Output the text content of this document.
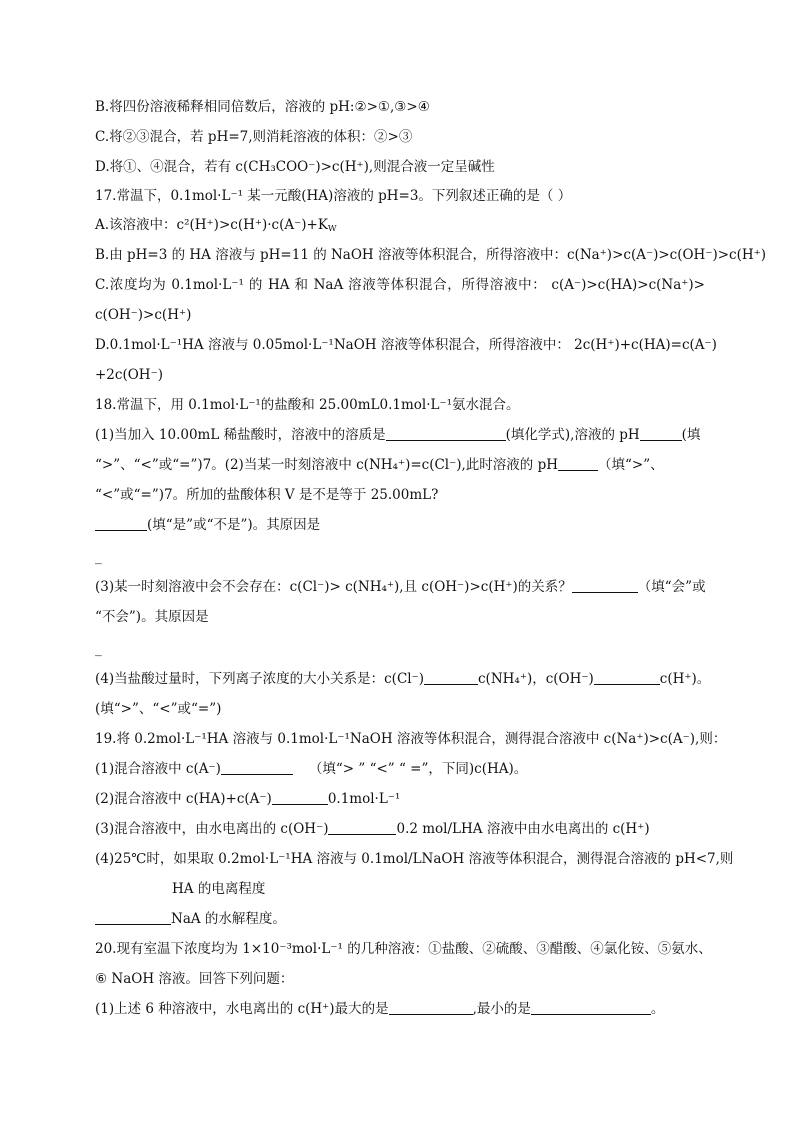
B.将四份溶液稀释相同倍数后，溶液的 pH:②>①,③>④
C.将②③混合，若 pH=7,则消耗溶液的体积：②>③
D.将①、④混合，若有 c(CH₃COO⁻)>c(H⁺),则混合液一定呈碱性
17.常温下，0.1mol·L⁻¹ 某一元酸(HA)溶液的 pH=3。下列叙述正确的是（ ）
A.该溶液中：$c^2(H^+)>c(H^+)\cdot c(A^-)+K_W$
B.由 pH=3 的 HA 溶液与 pH=11 的 NaOH 溶液等体积混合，所得溶液中：c(Na⁺)>c(A⁻)>c(OH⁻)>c(H⁺)
C.浓度均为 0.1mol·L⁻¹ 的 HA 和 NaA 溶液等体积混合，所得溶液中： c(A⁻)>c(HA)>c(Na⁺)>
c(OH⁻)>c(H⁺)
D.0.1mol·L⁻¹HA 溶液与 0.05mol·L⁻¹NaOH 溶液等体积混合，所得溶液中： 2c(H⁺)+c(HA)=c(A⁻)
+2c(OH⁻)
18.常温下，用 0.1mol·L⁻¹的盐酸和 25.00mL0.1mol·L⁻¹氨水混合。
(1)当加入 10.00mL 稀盐酸时，溶液中的溶质是	(填化学式),溶液的 pH	(填
“>”、“<”或“=”)7。(2)当某一时刻溶液中 c(NH₄⁺)=c(Cl⁻),此时溶液的 pH	（填“>”、
“<”或“=”)7。所加的盐酸体积 V 是不是等于 25.00mL?
(填“是”或“不是”)。其原因是
_
(3)某一时刻溶液中会不会存在：c(Cl⁻)> c(NH₄⁺),且 c(OH⁻)>c(H⁺)的关系？	（填“会”或
“不会”)。其原因是
_
(4)当盐酸过量时，下列离子浓度的大小关系是：c(Cl⁻)	c(NH₄⁺)，c(OH⁻)	c(H⁺)。
(填“>”、“<”或“=”)
19.将 0.2mol·L⁻¹HA 溶液与 0.1mol·L⁻¹NaOH 溶液等体积混合，测得混合溶液中 c(Na⁺)>c(A⁻),则：
(1)混合溶液中 c(A⁻)	（填“> ” “<” “ =”，下同)c(HA)。
(2)混合溶液中 c(HA)+c(A⁻)	0.1mol·L⁻¹
(3)混合溶液中，由水电离出的 c(OH⁻)	0.2 mol/LHA 溶液中由水电离出的 c(H⁺)
(4)25℃时，如果取 0.2mol·L⁻¹HA 溶液与 0.1mol/LNaOH 溶液等体积混合，测得混合溶液的 pH<7,则
HA 的电离程度
NaA 的水解程度。
20.现有室温下浓度均为 1×10⁻³mol·L⁻¹ 的几种溶液：①盐酸、②硫酸、③醋酸、④氯化铵、⑤氨水、
⑥ NaOH 溶液。回答下列问题：
(1)上述 6 种溶液中，水电离出的 c(H⁺)最大的是	,最小的是	。
